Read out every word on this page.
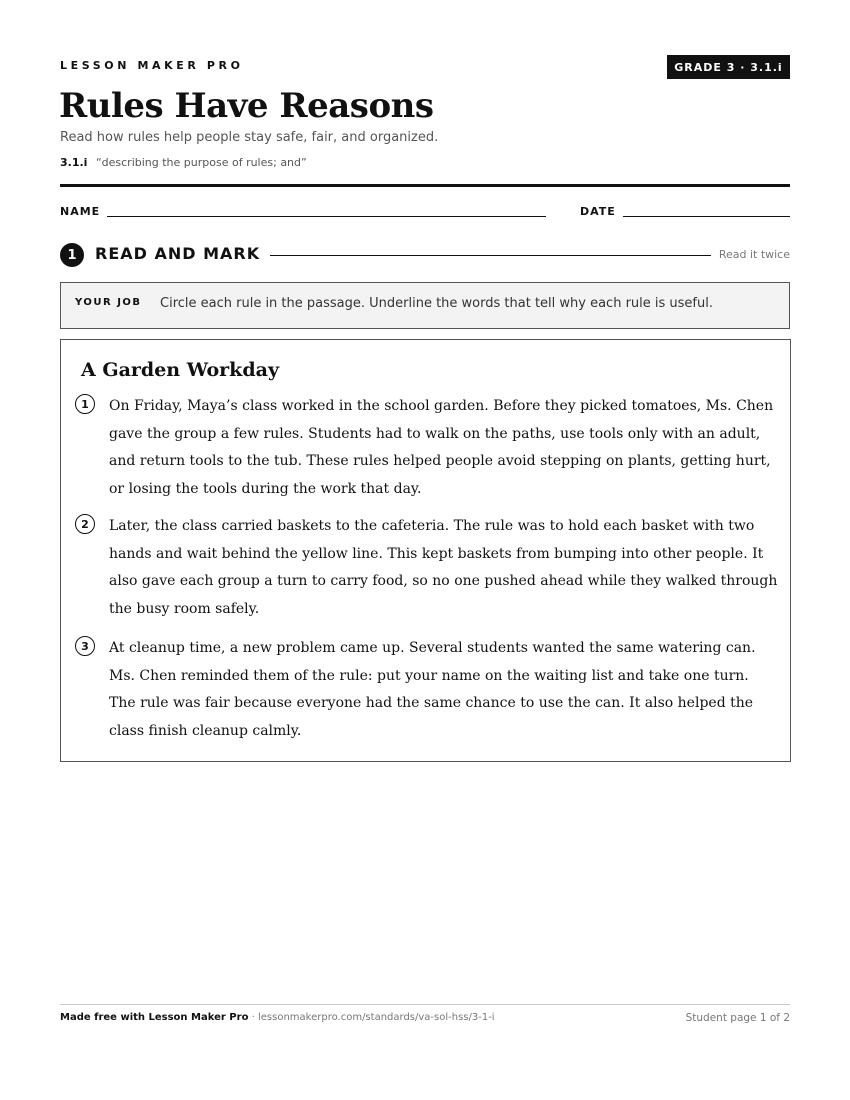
LESSON MAKER PRO	GRADE 3 · 3.1.i
Rules Have Reasons
Read how rules help people stay safe, fair, and organized.
3.1.i “describing the purpose of rules; and”
NAME	DATE
1	READ AND MARK	Read it twice
YOUR JOB Circle each rule in the passage. Underline the words that tell why each rule is useful.
A Garden Workday
1	On Friday, Maya’s class worked in the school garden. Before they picked tomatoes, Ms. Chen gave the group a few rules. Students had to walk on the paths, use tools only with an adult, and return tools to the tub. These rules helped people avoid stepping on plants, getting hurt, or losing the tools during the work that day.

2	Later, the class carried baskets to the cafeteria. The rule was to hold each basket with two hands and wait behind the yellow line. This kept baskets from bumping into other people. It also gave each group a turn to carry food, so no one pushed ahead while they walked through the busy room safely.

3	At cleanup time, a new problem came up. Several students wanted the same watering can. Ms. Chen reminded them of the rule: put your name on the waiting list and take one turn. The rule was fair because everyone had the same chance to use the can. It also helped the class finish cleanup calmly.

Made free with Lesson Maker Pro · lessonmakerpro.com/standards/va-sol-hss/3-1-i	Student page 1 of 2
